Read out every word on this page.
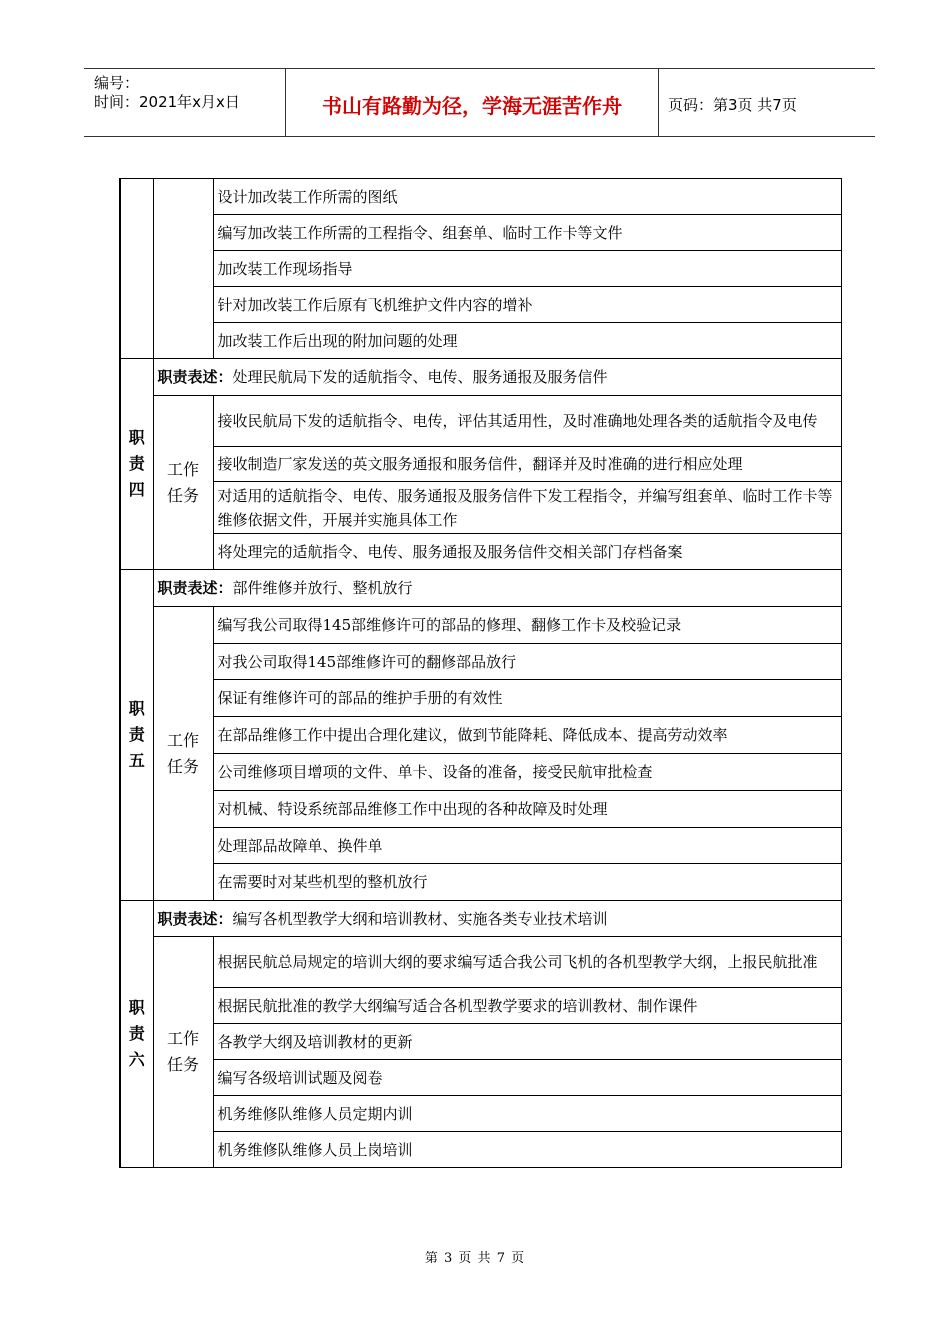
编号：
时间：2021年x月x日	书山有路勤为径，学海无涯苦作舟	页码：第3页 共7页
		设计加改装工作所需的图纸
		编写加改装工作所需的工程指令、组套单、临时工作卡等文件
		加改装工作现场指导
		针对加改装工作后原有飞机维护文件内容的增补
		加改装工作后出现的附加问题的处理
职责四	职责表述：处理民航局下发的适航指令、电传、服务通报及服务信件	
	工作任务	接收民航局下发的适航指令、电传，评估其适用性，及时准确地处理各类的适航指令及电传
		接收制造厂家发送的英文服务通报和服务信件，翻译并及时准确的进行相应处理
		对适用的适航指令、电传、服务通报及服务信件下发工程指令，并编写组套单、临时工作卡等维修依据文件，开展并实施具体工作
		将处理完的适航指令、电传、服务通报及服务信件交相关部门存档备案
职责五	职责表述：部件维修并放行、整机放行	
	工作任务	编写我公司取得145部维修许可的部品的修理、翻修工作卡及校验记录
		对我公司取得145部维修许可的翻修部品放行
		保证有维修许可的部品的维护手册的有效性
		在部品维修工作中提出合理化建议，做到节能降耗、降低成本、提高劳动效率
		公司维修项目增项的文件、单卡、设备的准备，接受民航审批检查
		对机械、特设系统部品维修工作中出现的各种故障及时处理
		处理部品故障单、换件单
		在需要时对某些机型的整机放行
职责六	职责表述：编写各机型教学大纲和培训教材、实施各类专业技术培训	
	工作任务	根据民航总局规定的培训大纲的要求编写适合我公司飞机的各机型教学大纲，上报民航批准
		根据民航批准的教学大纲编写适合各机型教学要求的培训教材、制作课件
		各教学大纲及培训教材的更新
		编写各级培训试题及阅卷
		机务维修队维修人员定期内训
		机务维修队维修人员上岗培训
第 3 页 共 7 页
